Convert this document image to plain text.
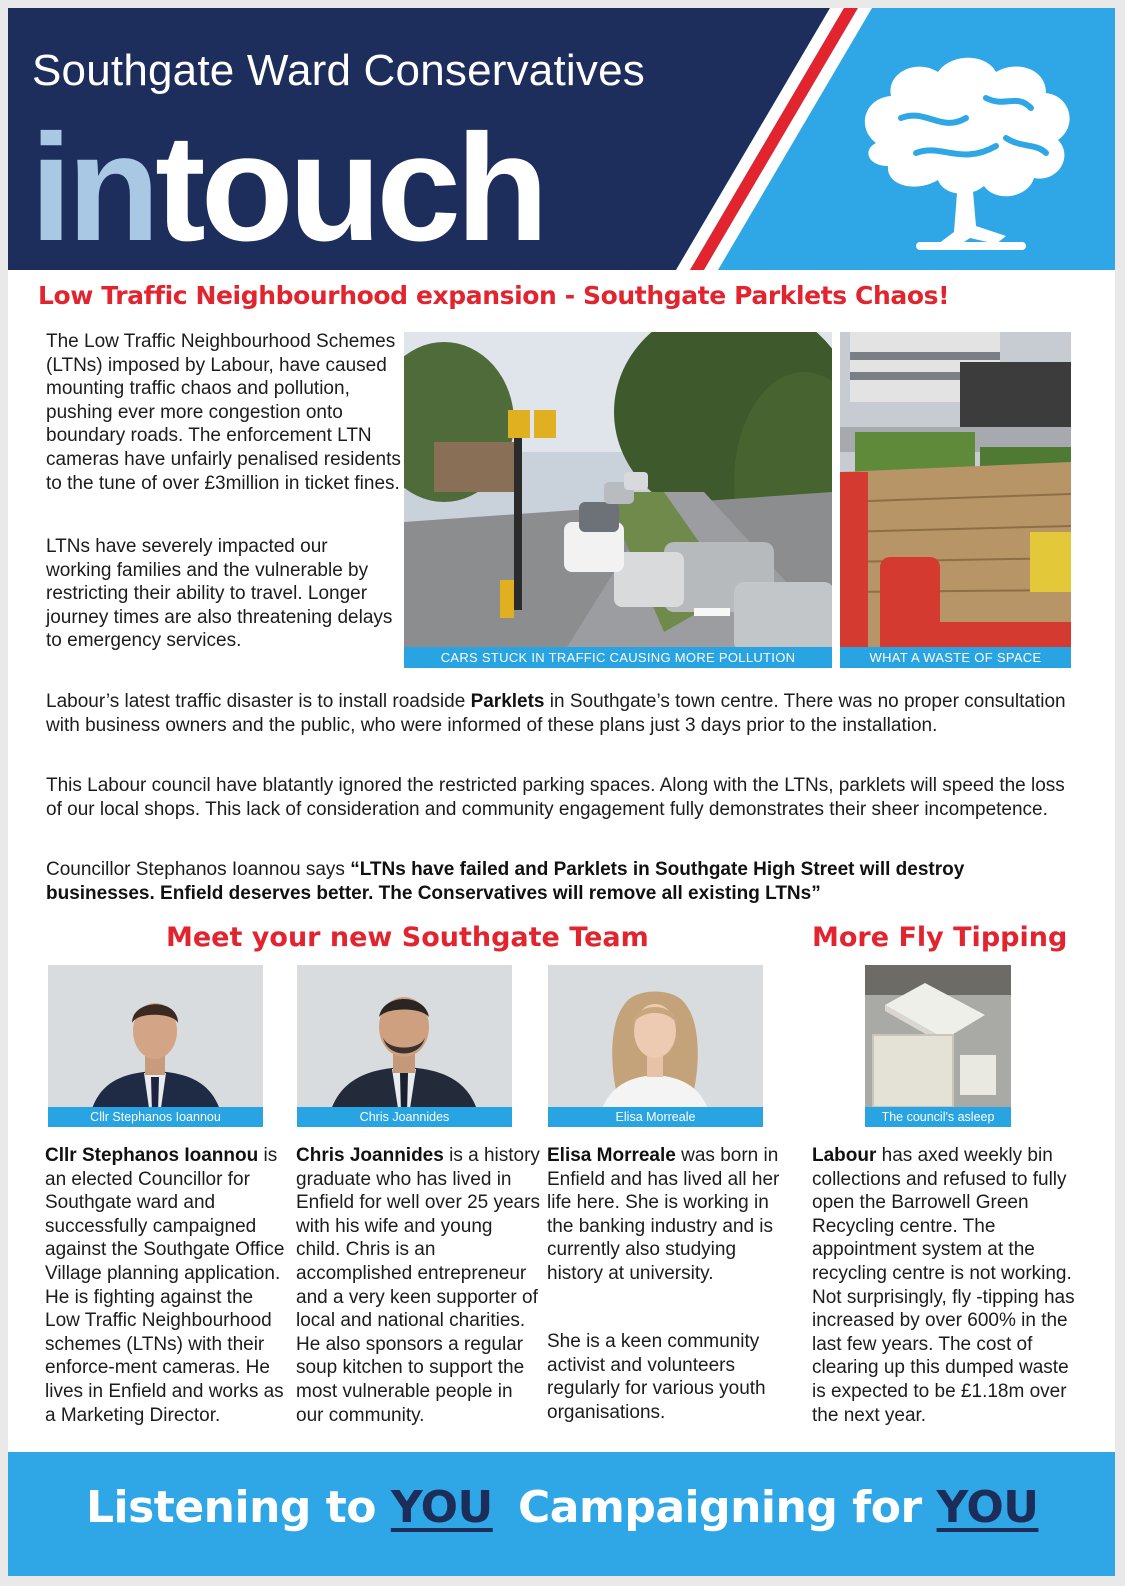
Southgate Ward Conservatives
intouch
Low Traffic Neighbourhood expansion - Southgate Parklets Chaos!
The Low Traffic Neighbourhood Schemes (LTNs) imposed by Labour, have caused mounting traffic chaos and pollution, pushing ever more congestion onto boundary roads. The enforcement LTN cameras have unfairly penalised residents to the tune of over £3million in ticket fines.
LTNs have severely impacted our working families and the vulnerable by restricting their ability to travel. Longer journey times are also threatening delays to emergency services.
CARS STUCK IN TRAFFIC CAUSING MORE POLLUTION	WHAT A WASTE OF SPACE
Labour’s latest traffic disaster is to install roadside Parklets in Southgate’s town centre. There was no proper consultation with business owners and the public, who were informed of these plans just 3 days prior to the installation.
This Labour council have blatantly ignored the restricted parking spaces. Along with the LTNs, parklets will speed the loss of our local shops. This lack of consideration and community engagement fully demonstrates their sheer incompetence.
Councillor Stephanos Ioannou says “LTNs have failed and Parklets in Southgate High Street will destroy businesses. Enfield deserves better. The Conservatives will remove all existing LTNs”
Meet your new Southgate Team	More Fly Tipping
Cllr Stephanos Ioannou	Chris Joannides	Elisa Morreale	The council's asleep
Cllr Stephanos Ioannou is an elected Councillor for Southgate ward and successfully campaigned against the Southgate Office Village planning application. He is fighting against the Low Traffic Neighbourhood schemes (LTNs) with their enforce-ment cameras. He lives in Enfield and works as a Marketing Director.
Chris Joannides is a history graduate who has lived in Enfield for well over 25 years with his wife and young child. Chris is an accomplished entrepreneur and a very keen supporter of local and national charities. He also sponsors a regular soup kitchen to support the most vulnerable people in our community.
Elisa Morreale was born in Enfield and has lived all her life here. She is working in the banking industry and is currently also studying history at university.
She is a keen community activist and volunteers regularly for various youth organisations.
Labour has axed weekly bin collections and refused to fully open the Barrowell Green Recycling centre. The appointment system at the recycling centre is not working. Not surprisingly, fly -tipping has increased by over 600% in the last few years. The cost of clearing up this dumped waste is expected to be £1.18m over the next year.
Listening to YOU Campaigning for YOU
